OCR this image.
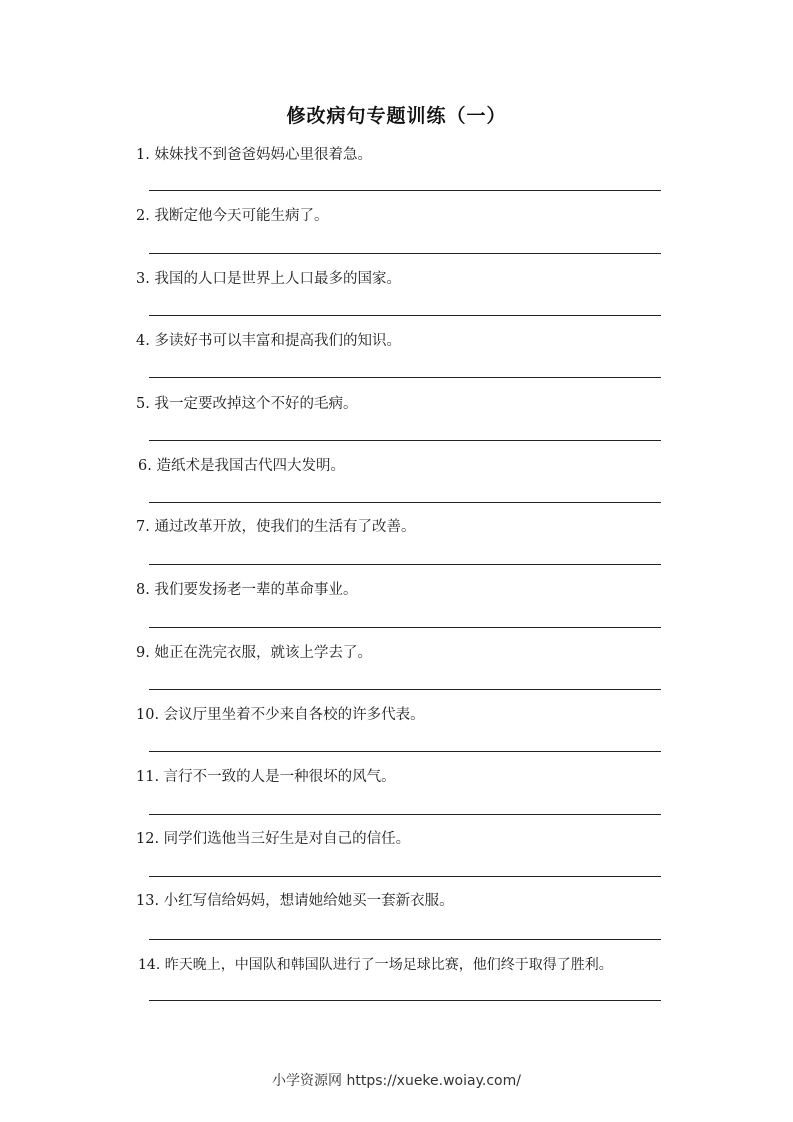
修改病句专题训练（一）
1. 妹妹找不到爸爸妈妈心里很着急。
2. 我断定他今天可能生病了。
3. 我国的人口是世界上人口最多的国家。
4. 多读好书可以丰富和提高我们的知识。
5. 我一定要改掉这个不好的毛病。
6. 造纸术是我国古代四大发明。
7. 通过改革开放，使我们的生活有了改善。
8. 我们要发扬老一辈的革命事业。
9. 她正在洗完衣服，就该上学去了。
10. 会议厅里坐着不少来自各校的许多代表。
11. 言行不一致的人是一种很坏的风气。
12. 同学们选他当三好生是对自己的信任。
13. 小红写信给妈妈，想请她给她买一套新衣服。
14. 昨天晚上，中国队和韩国队进行了一场足球比赛，他们终于取得了胜利。
小学资源网 https://xueke.woiay.com/
